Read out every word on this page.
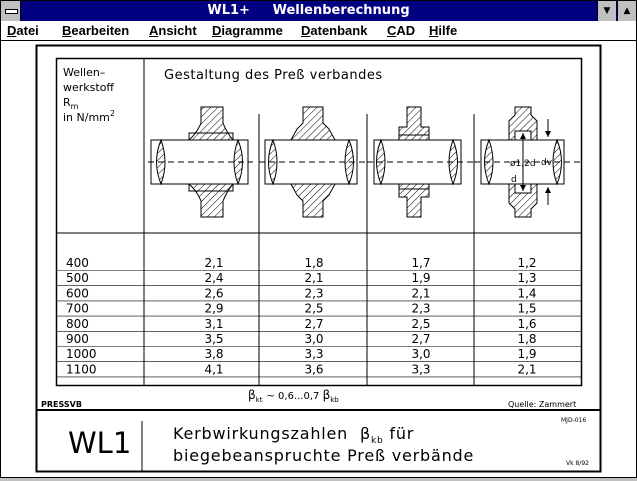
WL1+     Wellenberechnung	▼	▲
Datei Bearbeiten Ansicht Diagramme Datenbank CAD Hilfe
Wellen–
werkstoff
$R_m$
in $N/mm^2$
Gestaltung des Preß verbandes
ø1,2d
d
dv
400	2,1	1,8	1,7	1,2
500	2,4	2,1	1,9	1,3
600	2,6	2,3	2,1	1,4
700	2,9	2,5	2,3	1,5
800	3,1	2,7	2,5	1,6
900	3,5	3,0	2,7	1,8
1000	3,8	3,3	3,0	1,9
1100	4,1	3,6	3,3	2,1
$\beta_{kt}$ ~ 0,6...0,7 $\beta_{kb}$
PRESSVB	Quelle: Zammert
WL1
MJD-016
Kerbwirkungszahlen $\beta_{kb}$ für
biegebeanspruchte Preß verbände	Vk 8/92
